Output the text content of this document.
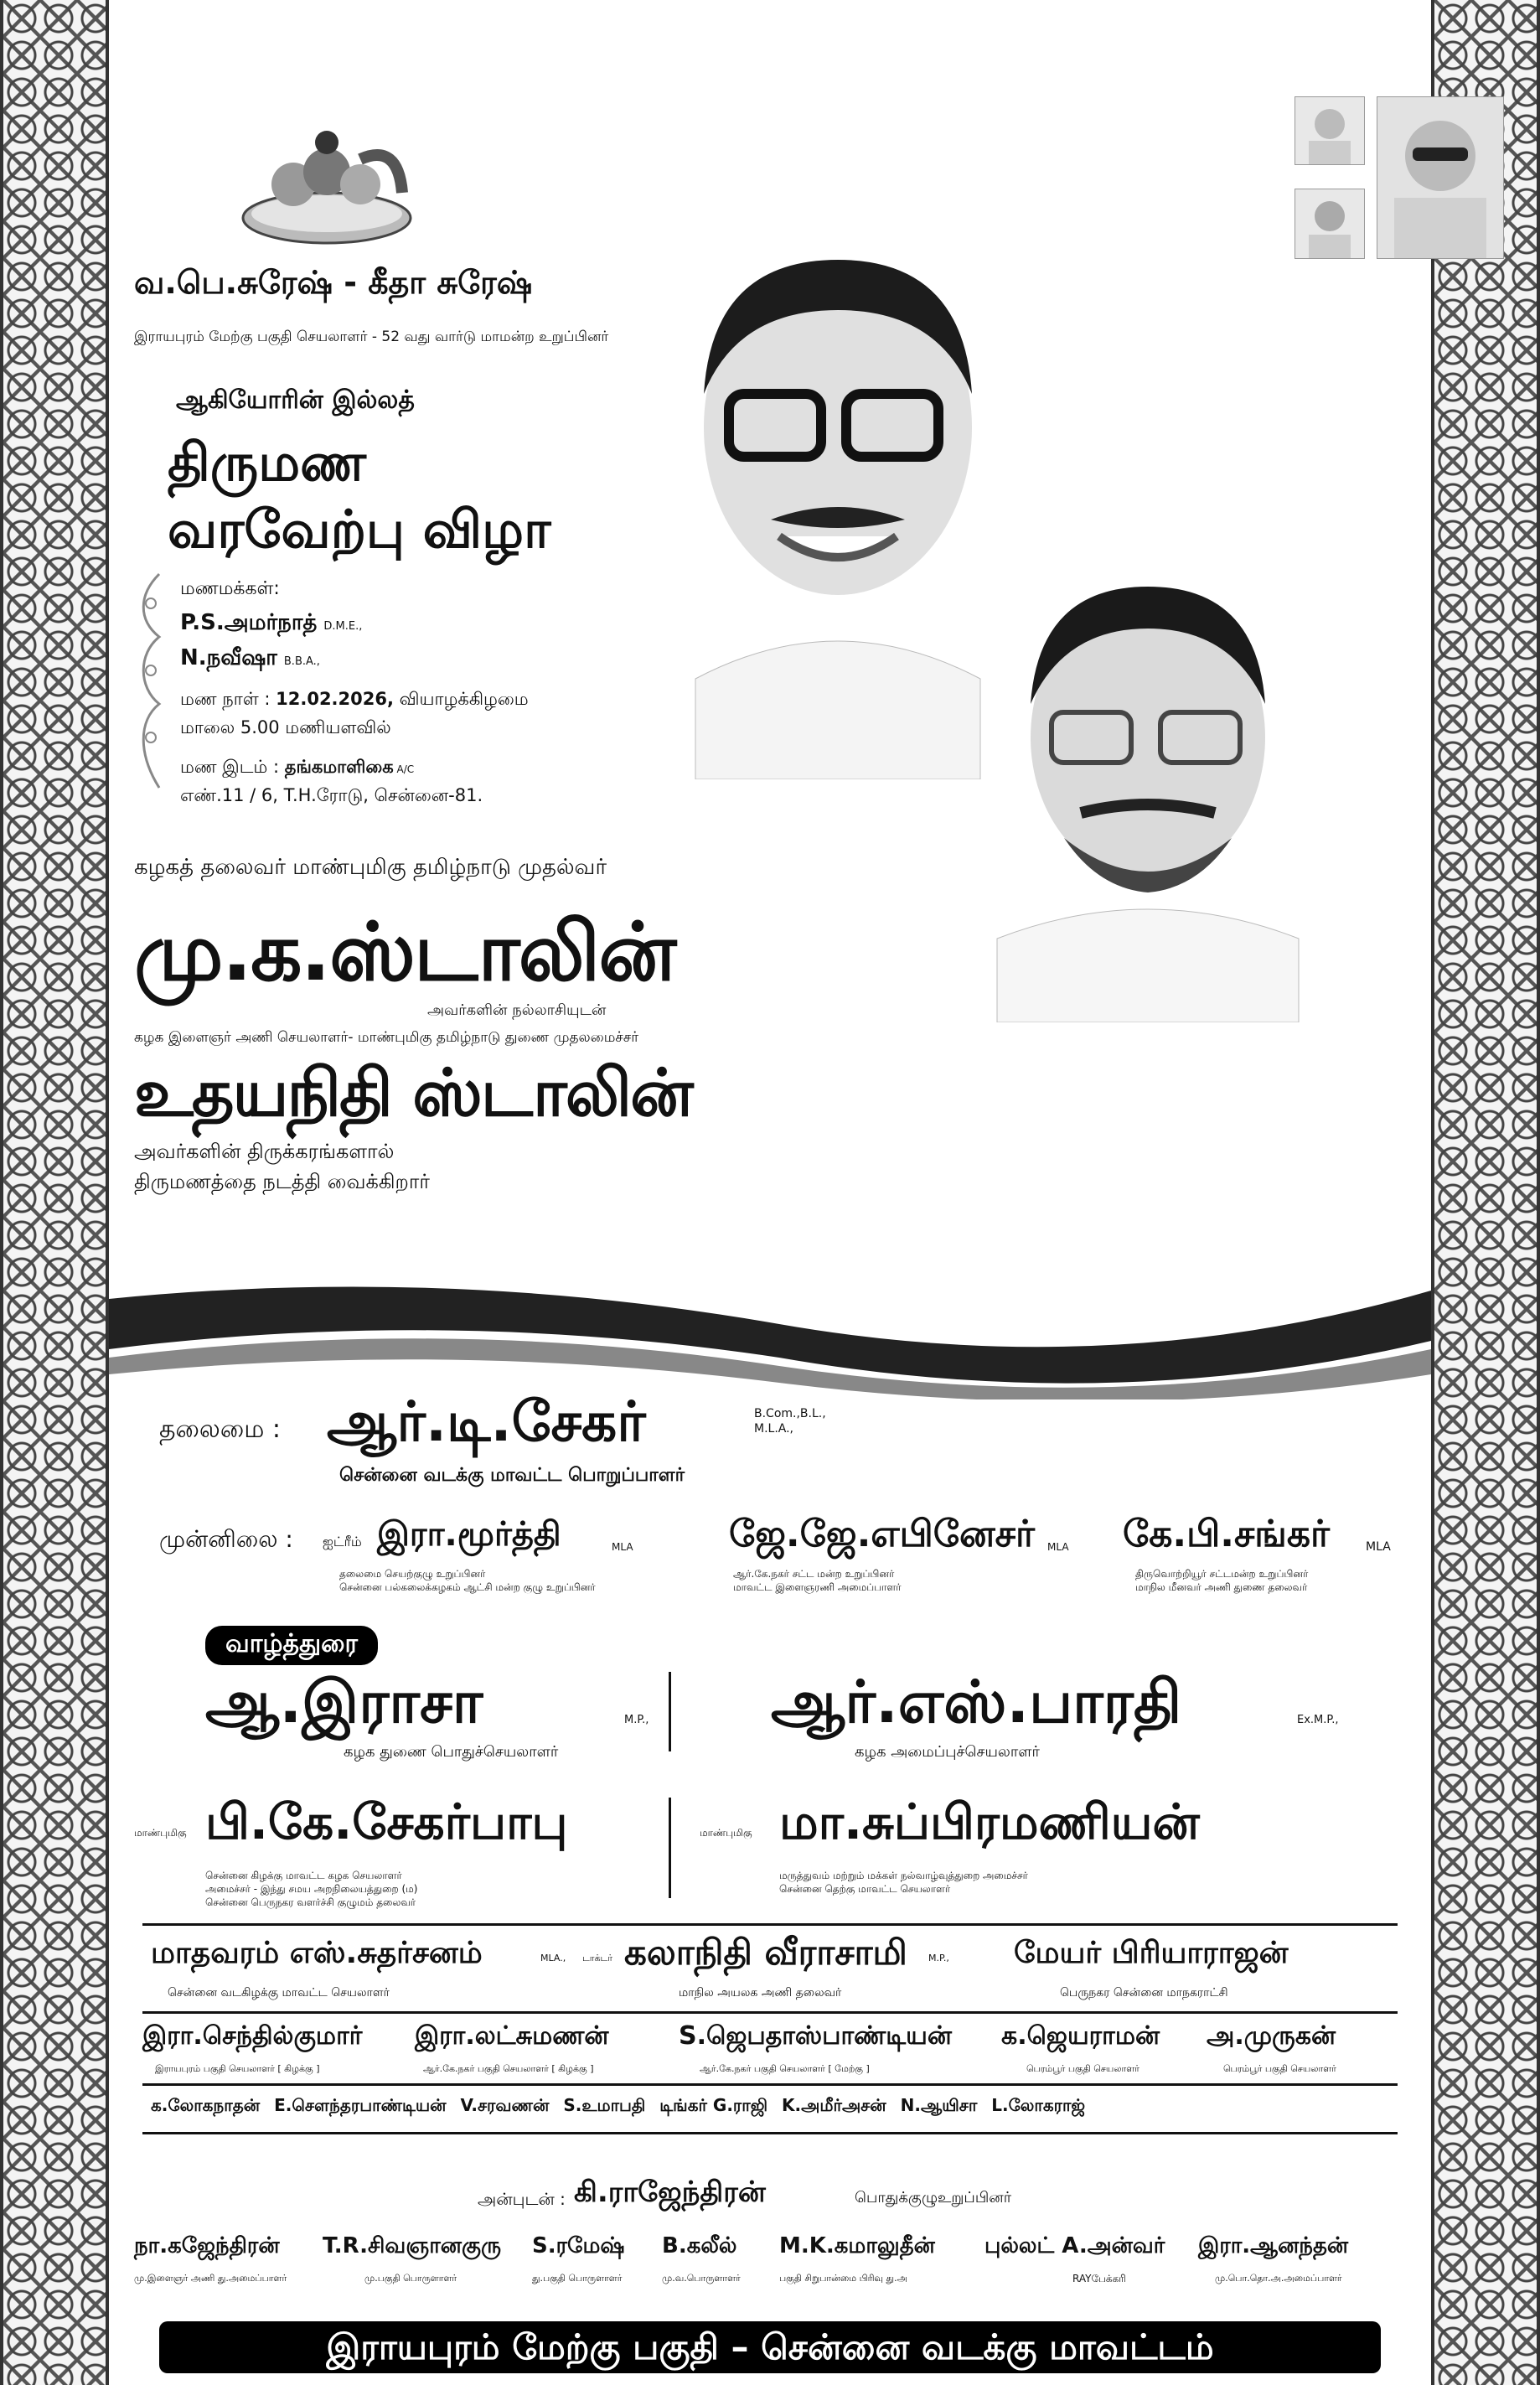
வ.பெ.சுரேஷ் - கீதா சுரேஷ்
இராயபுரம் மேற்கு பகுதி செயலாளர் - 52 வது வார்டு மாமன்ற உறுப்பினர்
ஆகியோரின் இல்லத்
திருமண
வரவேற்பு விழா
மணமக்கள்:
P.S.அமர்நாத் D.M.E.,
N.நவீஷா B.B.A.,
மண நாள் : 12.02.2026, வியாழக்கிழமை
மாலை 5.00 மணியளவில்
மண இடம் : தங்கமாளிகை A/C
எண்.11 / 6, T.H.ரோடு, சென்னை-81.
கழகத் தலைவர் மாண்புமிகு தமிழ்நாடு முதல்வர்
மு.க.ஸ்டாலின்
அவர்களின் நல்லாசியுடன்
கழக இளைஞர் அணி செயலாளர்- மாண்புமிகு தமிழ்நாடு துணை முதலமைச்சர்
உதயநிதி ஸ்டாலின்
அவர்களின் திருக்கரங்களால்
திருமணத்தை நடத்தி வைக்கிறார்
தலைமை : ஆர்.டி.சேகர்	B.Com.,B.L.,
M.L.A.,
சென்னை வடக்கு மாவட்ட பொறுப்பாளர்
முன்னிலை : ஐட்ரீம் இரா.மூர்த்தி	MLA
தலைமை செயற்குழு உறுப்பினர்
சென்னை பல்கலைக்கழகம் ஆட்சி மன்ற குழு உறுப்பினர்
ஜே.ஜே.எபினேசர் MLA
ஆர்.கே.நகர் சட்ட மன்ற உறுப்பினர்
மாவட்ட இளைஞரணி அமைப்பாளர்
கே.பி.சங்கர்	MLA
திருவொற்றியூர் சட்டமன்ற உறுப்பினர்
மாநில மீனவர் அணி துணை தலைவர்
வாழ்த்துரை
ஆ.இராசா	M.P.,
கழக துணை பொதுச்செயலாளர்
ஆர்.எஸ்.பாரதி	Ex.M.P.,
கழக அமைப்புச்செயலாளர்
மாண்புமிகு பி.கே.சேகர்பாபு
சென்னை கிழக்கு மாவட்ட கழக செயலாளர்
அமைச்சர் - இந்து சமய அறநிலையத்துறை (ம)
சென்னை பெருநகர வளர்ச்சி குழுமம் தலைவர்
மாண்புமிகு மா.சுப்பிரமணியன்
மருத்துவம் மற்றும் மக்கள் நல்வாழ்வுத்துறை அமைச்சர்
சென்னை தெற்கு மாவட்ட செயலாளர்
மாதவரம் எஸ்.சுதர்சனம்	MLA.,
சென்னை வடகிழக்கு மாவட்ட செயலாளர்
டாக்டர் கலாநிதி வீராசாமி M.P.,
மாநில அயலக அணி தலைவர்
மேயர் பிரியாராஜன்
பெருநகர சென்னை மாநகராட்சி
இரா.செந்தில்குமார்
இராயபுரம் பகுதி செயலாளர் [ கிழக்கு ]
இரா.லட்சுமணன்
ஆர்.கே.நகர் பகுதி செயலாளர் [ கிழக்கு ]
S.ஜெபதாஸ்பாண்டியன்
ஆர்.கே.நகர் பகுதி செயலாளர் [ மேற்கு ]
க.ஜெயராமன்
பெரம்பூர் பகுதி செயலாளர்
அ.முருகன்
பெரம்பூர் பகுதி செயலாளர்
க.லோகநாதன் E.சௌந்தரபாண்டியன் V.சரவணன் S.உமாபதி டிங்கர் G.ராஜி K.அமீர்அசன் N.ஆயிசா L.லோகராஜ்
அன்புடன் : கி.ராஜேந்திரன்	பொதுக்குழுஉறுப்பினர்
நா.கஜேந்திரன்
மு.இளைஞர் அணி து.அமைப்பாளர்
T.R.சிவஞானகுரு
மு.பகுதி பொருளாளர்
S.ரமேஷ்
து.பகுதி பொருளாளர்
B.கலீல்
மு.வ.பொருளாளர்
M.K.கமாலுதீன்
பகுதி சிறுபான்மை பிரிவு து.அ
புல்லட் A.அன்வர்
RAYபேக்கரி
இரா.ஆனந்தன்
மு.பொ.தொ.அ.அமைப்பாளர்
இராயபுரம் மேற்கு பகுதி – சென்னை வடக்கு மாவட்டம்
